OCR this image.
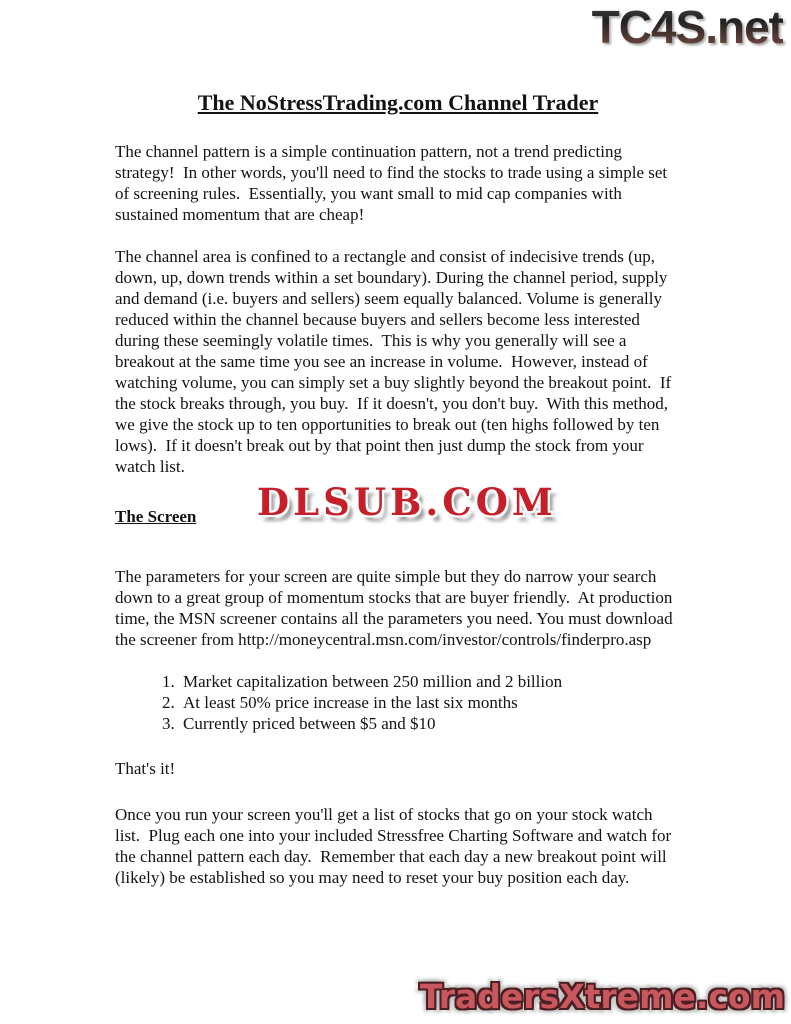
TC4S.net
The NoStressTrading.com Channel Trader

The channel pattern is a simple continuation pattern, not a trend predicting strategy!  In other words, you'll need to find the stocks to trade using a simple set of screening rules.  Essentially, you want small to mid cap companies with sustained momentum that are cheap!

The channel area is confined to a rectangle and consist of indecisive trends (up, down, up, down trends within a set boundary). During the channel period, supply and demand (i.e. buyers and sellers) seem equally balanced. Volume is generally reduced within the channel because buyers and sellers become less interested during these seemingly volatile times.  This is why you generally will see a breakout at the same time you see an increase in volume.  However, instead of watching volume, you can simply set a buy slightly beyond the breakout point.  If the stock breaks through, you buy.  If it doesn't, you don't buy.  With this method, we give the stock up to ten opportunities to break out (ten highs followed by ten lows).  If it doesn't break out by that point then just dump the stock from your watch list.

The Screen

The parameters for your screen are quite simple but they do narrow your search down to a great group of momentum stocks that are buyer friendly.  At production time, the MSN screener contains all the parameters you need. You must download the screener from http://moneycentral.msn.com/investor/controls/finderpro.asp

1. Market capitalization between 250 million and 2 billion
2. At least 50% price increase in the last six months
3. Currently priced between $5 and $10

That's it!

Once you run your screen you'll get a list of stocks that go on your stock watch list.  Plug each one into your included Stressfree Charting Software and watch for the channel pattern each day.  Remember that each day a new breakout point will (likely) be established so you may need to reset your buy position each day.

DLSUB.COM
TradersXtreme.com
